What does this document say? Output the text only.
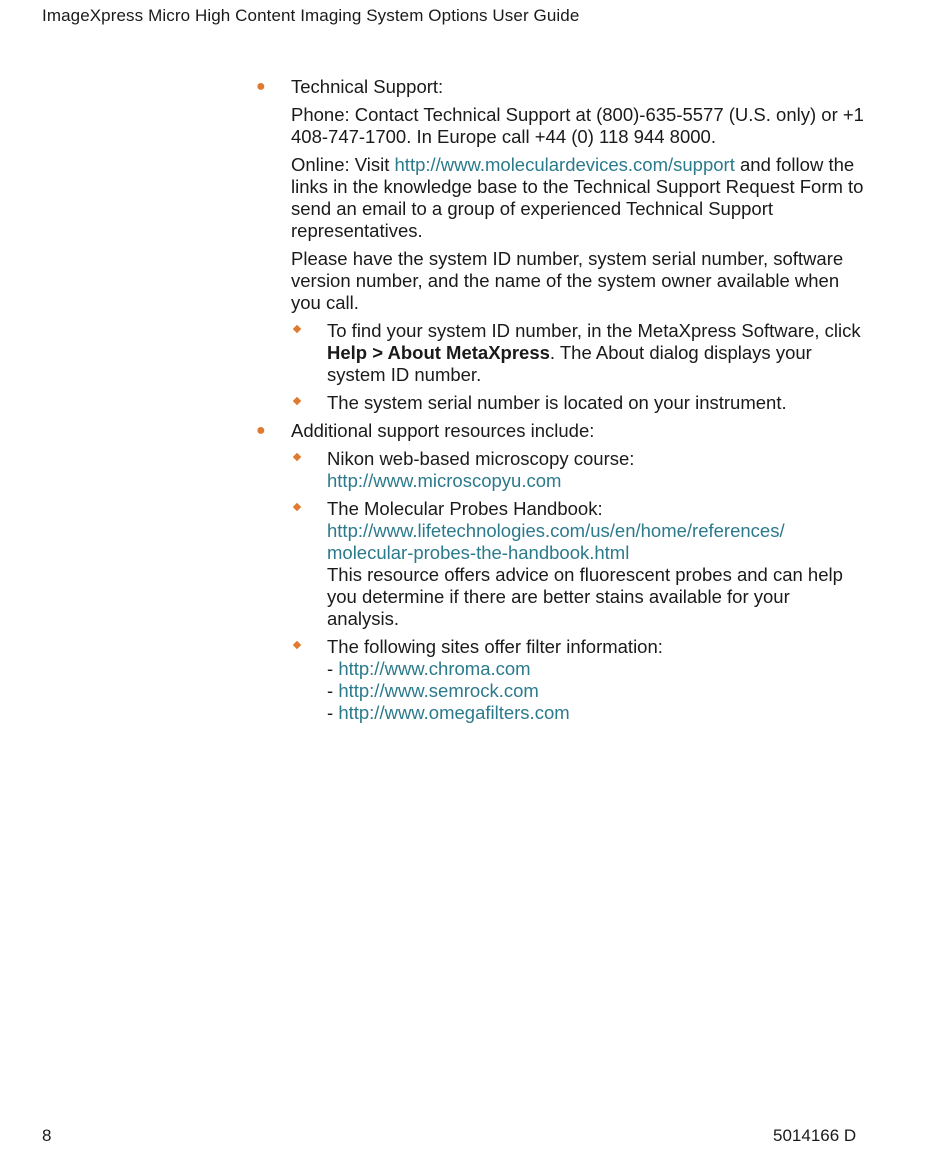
ImageXpress Micro High Content Imaging System Options User Guide
● Technical Support:

Phone: Contact Technical Support at (800)-635-5577 (U.S. only) or +1 408-747-1700. In Europe call +44 (0) 118 944 8000.

Online: Visit http://www.moleculardevices.com/support and follow the links in the knowledge base to the Technical Support Request Form to send an email to a group of experienced Technical Support representatives.

Please have the system ID number, system serial number, software version number, and the name of the system owner available when you call.

To find your system ID number, in the MetaXpress Software, click Help > About MetaXpress. The About dialog displays your system ID number.
The system serial number is located on your instrument.
● Additional support resources include:

Nikon web-based microscopy course:
http://www.microscopyu.com
The Molecular Probes Handbook:
http://www.lifetechnologies.com/us/en/home/references/
molecular-probes-the-handbook.html
This resource offers advice on fluorescent probes and can help you determine if there are better stains available for your analysis.
The following sites offer filter information:
- http://www.chroma.com
- http://www.semrock.com
- http://www.omegafilters.com
8	5014166 D
